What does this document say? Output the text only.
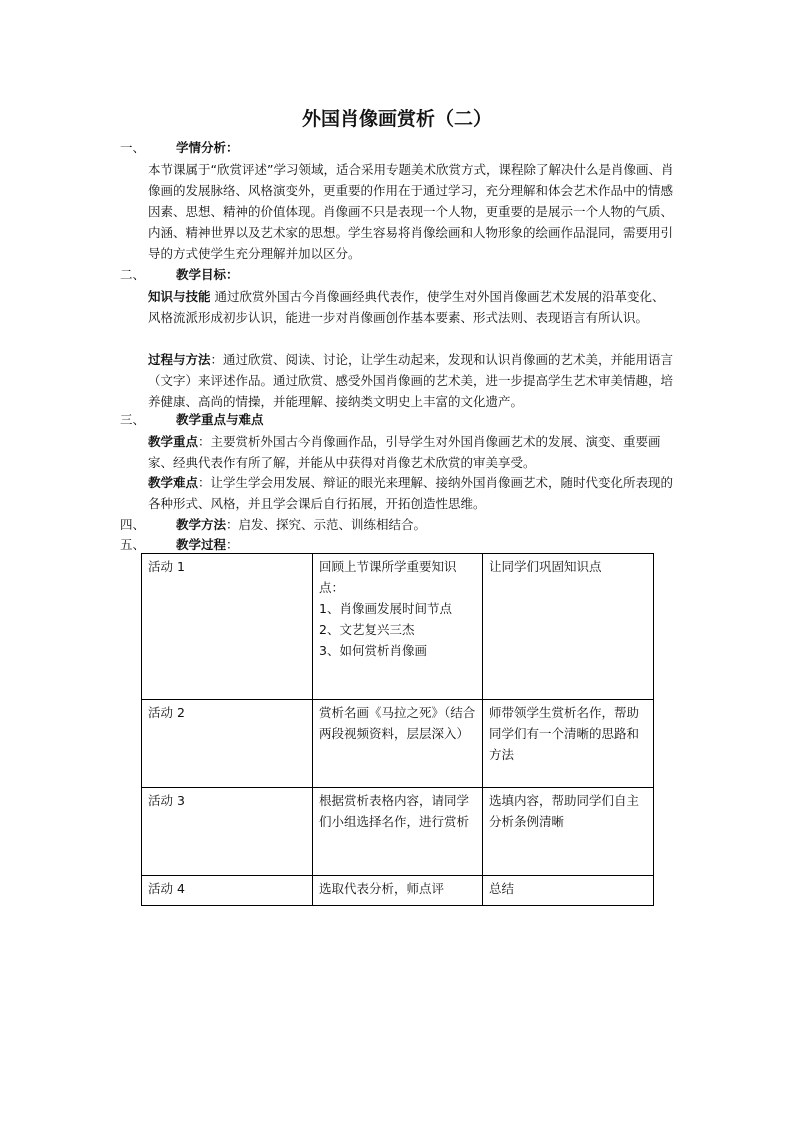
外国肖像画赏析（二）
一、 学情分析：
本节课属于“欣赏评述”学习领域，适合采用专题美术欣赏方式，课程除了解决什么是肖像画、肖像画的发展脉络、风格演变外，更重要的作用在于通过学习，充分理解和体会艺术作品中的情感因素、思想、精神的价值体现。肖像画不只是表现一个人物，更重要的是展示一个人物的气质、内涵、精神世界以及艺术家的思想。学生容易将肖像绘画和人物形象的绘画作品混同，需要用引导的方式使学生充分理解并加以区分。
二、 教学目标：
知识与技能 通过欣赏外国古今肖像画经典代表作，使学生对外国肖像画艺术发展的沿革变化、风格流派形成初步认识，能进一步对肖像画创作基本要素、形式法则、表现语言有所认识。
过程与方法：通过欣赏、阅读、讨论，让学生动起来，发现和认识肖像画的艺术美，并能用语言（文字）来评述作品。通过欣赏、感受外国肖像画的艺术美，进一步提高学生艺术审美情趣，培养健康、高尚的情操，并能理解、接纳类文明史上丰富的文化遗产。
三、 教学重点与难点
教学重点：主要赏析外国古今肖像画作品，引导学生对外国肖像画艺术的发展、演变、重要画家、经典代表作有所了解，并能从中获得对肖像艺术欣赏的审美享受。
教学难点：让学生学会用发展、辩证的眼光来理解、接纳外国肖像画艺术，随时代变化所表现的各种形式、风格，并且学会课后自行拓展，开拓创造性思维。
四、 教学方法：启发、探究、示范、训练相结合。
五、 教学过程：
活动 1	回顾上节课所学重要知识点：
1、肖像画发展时间节点
2、文艺复兴三杰
3、如何赏析肖像画	让同学们巩固知识点
活动 2	赏析名画《马拉之死》（结合两段视频资料，层层深入）	师带领学生赏析名作，帮助同学们有一个清晰的思路和方法
活动 3	根据赏析表格内容，请同学们小组选择名作，进行赏析	选填内容，帮助同学们自主分析条例清晰
活动 4	选取代表分析，师点评	总结
